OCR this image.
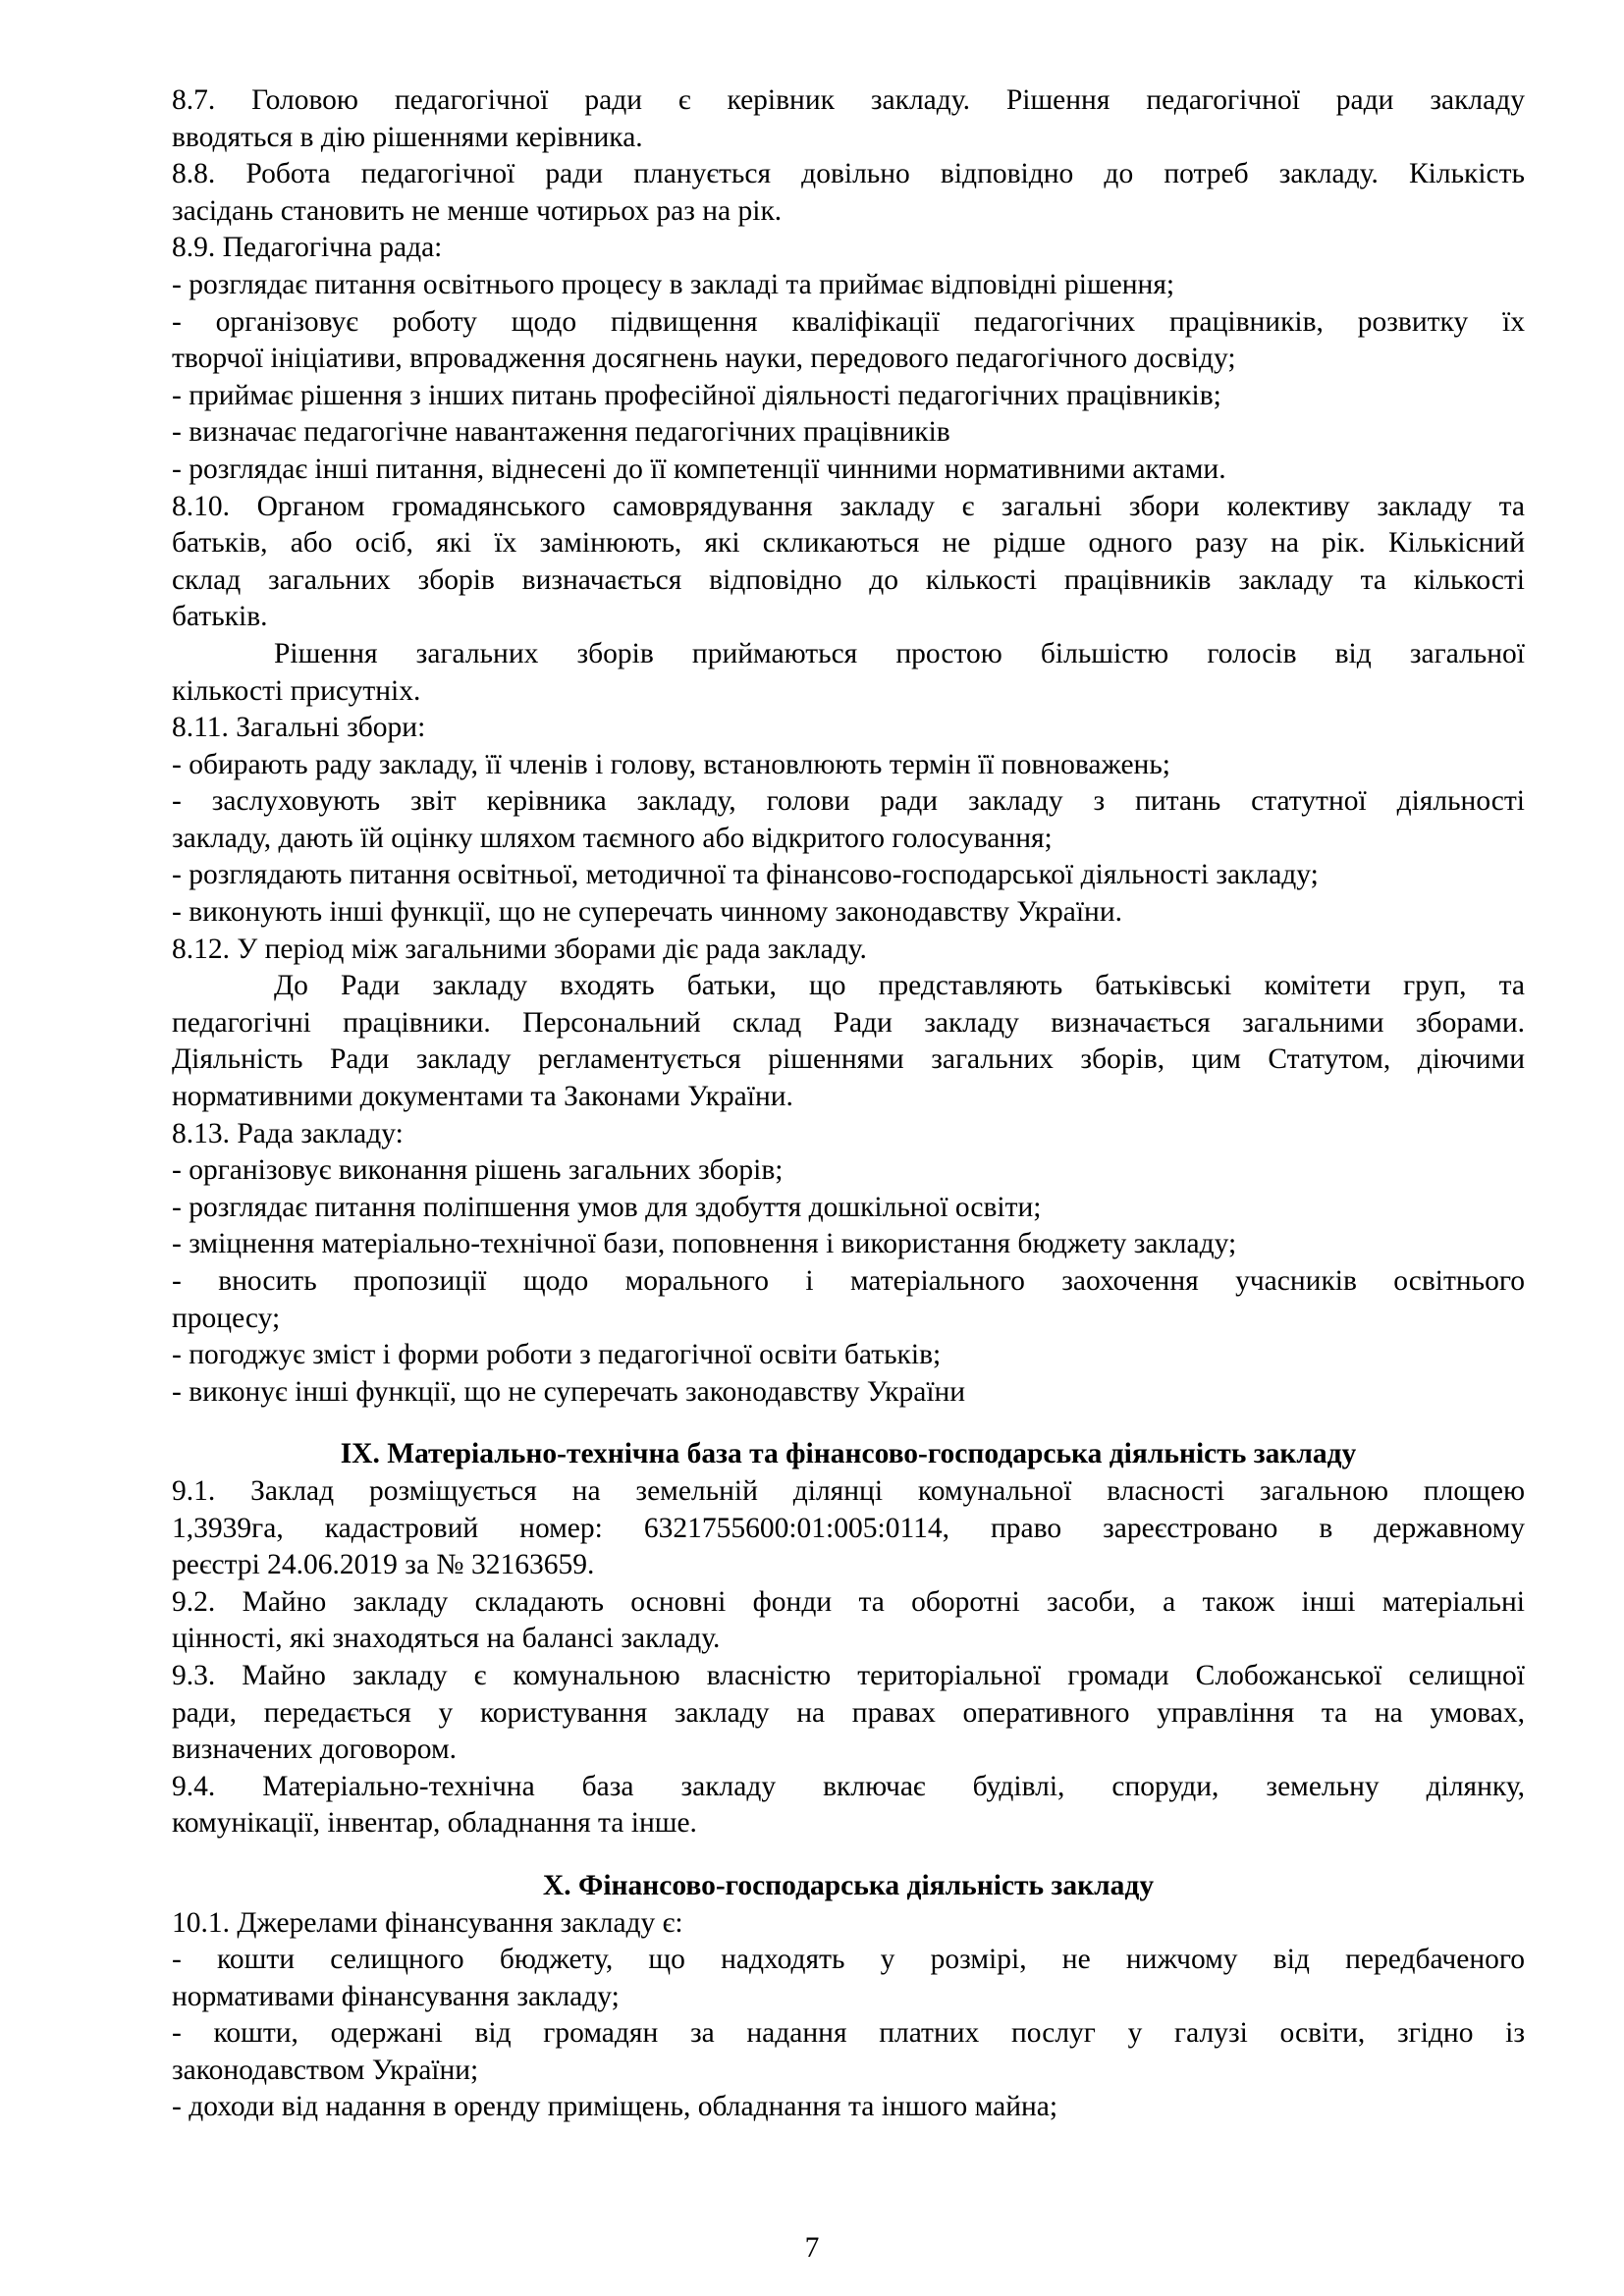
8.7. Головою педагогічної ради є керівник закладу. Рішення педагогічної ради закладу
вводяться в дію рішеннями керівника.
8.8. Робота педагогічної ради планується довільно відповідно до потреб закладу. Кількість
засідань становить не менше чотирьох раз на рік.
8.9. Педагогічна рада:
- розглядає питання освітнього процесу в закладі та приймає відповідні рішення;
- організовує роботу щодо підвищення кваліфікації педагогічних працівників, розвитку їх
творчої ініціативи, впровадження досягнень науки, передового педагогічного досвіду;
- приймає рішення з інших питань професійної діяльності педагогічних працівників;
- визначає педагогічне навантаження педагогічних працівників
- розглядає інші питання, віднесені до її компетенції чинними нормативними актами.
8.10. Органом громадянського самоврядування закладу є загальні збори колективу закладу та
батьків, або осіб, які їх замінюють, які скликаються не рідше одного разу на рік. Кількісний
склад загальних зборів визначається відповідно до кількості працівників закладу та кількості
батьків.
Рішення загальних зборів приймаються простою більшістю голосів від загальної
кількості присутніх.
8.11. Загальні збори:
- обирають раду закладу, її членів і голову, встановлюють термін її повноважень;
- заслуховують звіт керівника закладу, голови ради закладу з питань статутної діяльності
закладу, дають їй оцінку шляхом таємного або відкритого голосування;
- розглядають питання освітньої, методичної та фінансово-господарської діяльності закладу;
- виконують інші функції, що не суперечать чинному законодавству України.
8.12. У період між загальними зборами діє рада закладу.
До Ради закладу входять батьки, що представляють батьківські комітети груп, та
педагогічні працівники. Персональний склад Ради закладу визначається загальними зборами.
Діяльність Ради закладу регламентується рішеннями загальних зборів, цим Статутом, діючими
нормативними документами та Законами України.
8.13. Рада закладу:
- організовує виконання рішень загальних зборів;
- розглядає питання поліпшення умов для здобуття дошкільної освіти;
- зміцнення матеріально-технічної бази, поповнення і використання бюджету закладу;
- вносить пропозиції щодо морального і матеріального заохочення учасників освітнього
процесу;
- погоджує зміст і форми роботи з педагогічної освіти батьків;
- виконує інші функції, що не суперечать законодавству України
IX. Матеріально-технічна база та фінансово-господарська діяльність закладу
9.1. Заклад розміщується на земельній ділянці комунальної власності загальною площею
1,3939га, кадастровий номер: 6321755600:01:005:0114, право зареєстровано в державному
реєстрі 24.06.2019 за № 32163659.
9.2. Майно закладу складають основні фонди та оборотні засоби, а також інші матеріальні
цінності, які знаходяться на балансі закладу.
9.3. Майно закладу є комунальною власністю територіальної громади Слобожанської селищної
ради, передається у користування закладу на правах оперативного управління та на умовах,
визначених договором.
9.4. Матеріально-технічна база закладу включає будівлі, споруди, земельну ділянку,
комунікації, інвентар, обладнання та інше.
X. Фінансово-господарська діяльність закладу
10.1. Джерелами фінансування закладу є:
- кошти селищного бюджету, що надходять у розмірі, не нижчому від передбаченого
нормативами фінансування закладу;
- кошти, одержані від громадян за надання платних послуг у галузі освіти, згідно із
законодавством України;
- доходи від надання в оренду приміщень, обладнання та іншого майна;
7
